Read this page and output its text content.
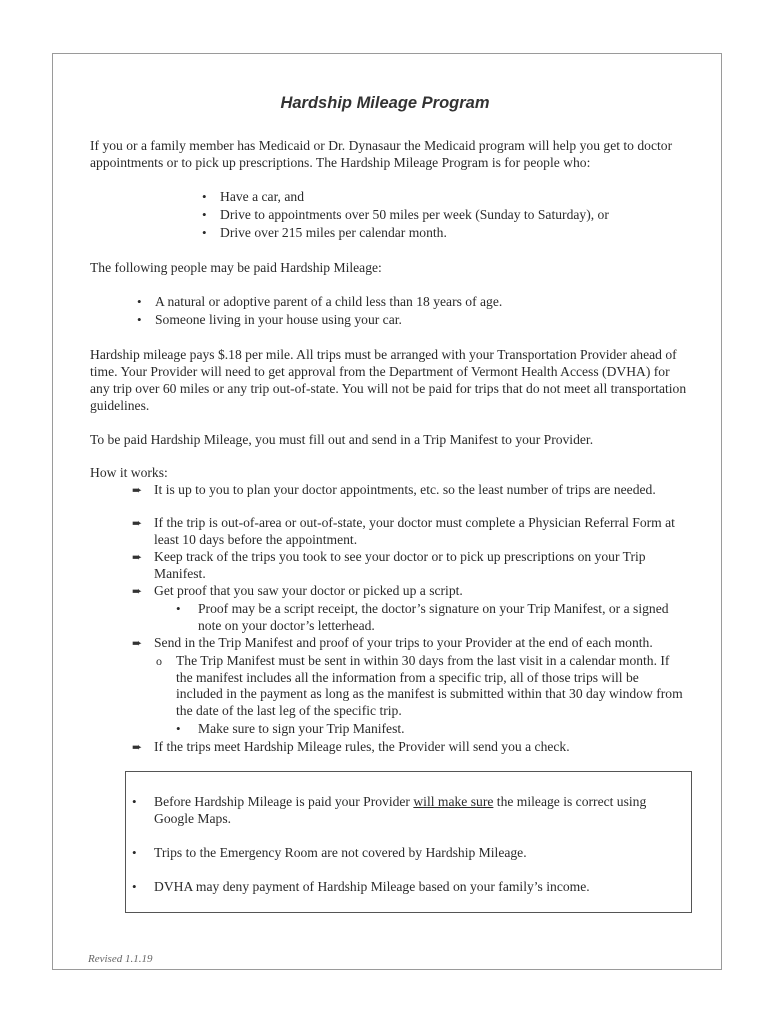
Hardship Mileage Program
If you or a family member has Medicaid or Dr. Dynasaur the Medicaid program will help you get to doctor appointments or to pick up prescriptions. The Hardship Mileage Program is for people who:
• Have a car, and
• Drive to appointments over 50 miles per week (Sunday to Saturday), or
• Drive over 215 miles per calendar month.
The following people may be paid Hardship Mileage:
• A natural or adoptive parent of a child less than 18 years of age.
• Someone living in your house using your car.
Hardship mileage pays $.18 per mile. All trips must be arranged with your Transportation Provider ahead of time. Your Provider will need to get approval from the Department of Vermont Health Access (DVHA) for any trip over 60 miles or any trip out-of-state. You will not be paid for trips that do not meet all transportation guidelines.
To be paid Hardship Mileage, you must fill out and send in a Trip Manifest to your Provider.
How it works:
➨ It is up to you to plan your doctor appointments, etc. so the least number of trips are needed.
➨ If the trip is out-of-area or out-of-state, your doctor must complete a Physician Referral Form at least 10 days before the appointment.
➨ Keep track of the trips you took to see your doctor or to pick up prescriptions on your Trip Manifest.
➨ Get proof that you saw your doctor or picked up a script.
• Proof may be a script receipt, the doctor’s signature on your Trip Manifest, or a signed note on your doctor’s letterhead.
➨ Send in the Trip Manifest and proof of your trips to your Provider at the end of each month.
o The Trip Manifest must be sent in within 30 days from the last visit in a calendar month. If the manifest includes all the information from a specific trip, all of those trips will be included in the payment as long as the manifest is submitted within that 30 day window from the date of the last leg of the specific trip.
• Make sure to sign your Trip Manifest.
➨ If the trips meet Hardship Mileage rules, the Provider will send you a check.
• Before Hardship Mileage is paid your Provider will make sure the mileage is correct using Google Maps.
• Trips to the Emergency Room are not covered by Hardship Mileage.
• DVHA may deny payment of Hardship Mileage based on your family’s income.
Revised 1.1.19
